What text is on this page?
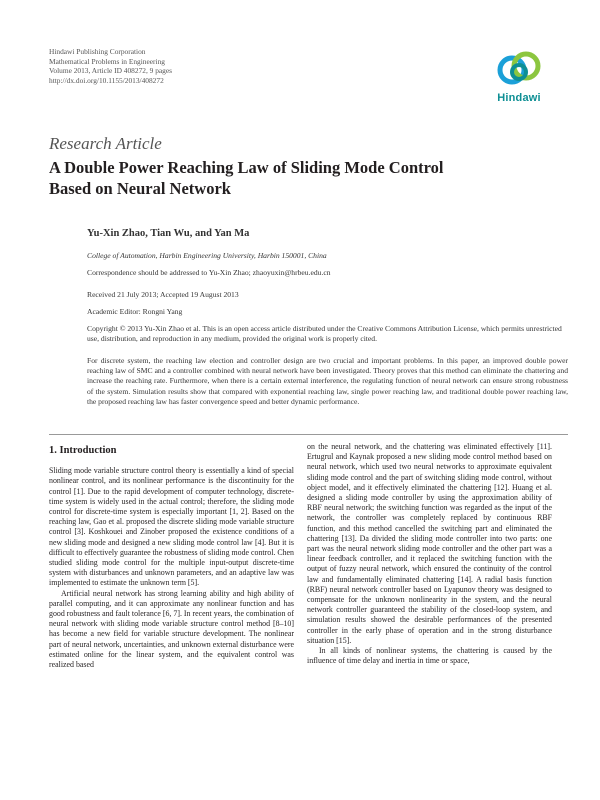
Hindawi Publishing Corporation
Mathematical Problems in Engineering
Volume 2013, Article ID 408272, 9 pages
http://dx.doi.org/10.1155/2013/408272
Hindawi
Research Article
A Double Power Reaching Law of Sliding Mode Control Based on Neural Network
Yu-Xin Zhao, Tian Wu, and Yan Ma
College of Automation, Harbin Engineering University, Harbin 150001, China
Correspondence should be addressed to Yu-Xin Zhao; zhaoyuxin@hrbeu.edu.cn
Received 21 July 2013; Accepted 19 August 2013
Academic Editor: Rongni Yang
Copyright © 2013 Yu-Xin Zhao et al. This is an open access article distributed under the Creative Commons Attribution License, which permits unrestricted use, distribution, and reproduction in any medium, provided the original work is properly cited.
For discrete system, the reaching law election and controller design are two crucial and important problems. In this paper, an improved double power reaching law of SMC and a controller combined with neural network have been investigated. Theory proves that this method can eliminate the chattering and increase the reaching rate. Furthermore, when there is a certain external interference, the regulating function of neural network can ensure strong robustness of the system. Simulation results show that compared with exponential reaching law, single power reaching law, and traditional double power reaching law, the proposed reaching law has faster convergence speed and better dynamic performance.
1. Introduction

Sliding mode variable structure control theory is essentially a kind of special nonlinear control, and its nonlinear performance is the discontinuity for the control [1]. Due to the rapid development of computer technology, discrete-time system is widely used in the actual control; therefore, the sliding mode control for discrete-time system is especially important [1, 2]. Based on the reaching law, Gao et al. proposed the discrete sliding mode variable structure control [3]. Koshkouei and Zinober proposed the existence conditions of a new sliding mode and designed a new sliding mode control law [4]. But it is difficult to effectively guarantee the robustness of sliding mode control. Chen studied sliding mode control for the multiple input-output discrete-time system with disturbances and unknown parameters, and an adaptive law was implemented to estimate the unknown term [5].

Artificial neural network has strong learning ability and high ability of parallel computing, and it can approximate any nonlinear function and has good robustness and fault tolerance [6, 7]. In recent years, the combination of neural network with sliding mode variable structure control method [8–10] has become a new field for variable structure development. The nonlinear part of neural network, uncertainties, and unknown external disturbance were estimated online for the linear system, and the equivalent control was realized based

on the neural network, and the chattering was eliminated effectively [11]. Ertugrul and Kaynak proposed a new sliding mode control method based on neural network, which used two neural networks to approximate equivalent sliding mode control and the part of switching sliding mode control, without object model, and it effectively eliminated the chattering [12]. Huang et al. designed a sliding mode controller by using the approximation ability of RBF neural network; the switching function was regarded as the input of the network, the controller was completely replaced by continuous RBF function, and this method cancelled the switching part and eliminated the chattering [13]. Da divided the sliding mode controller into two parts: one part was the neural network sliding mode controller and the other part was a linear feedback controller, and it replaced the switching function with the output of fuzzy neural network, which ensured the continuity of the control law and fundamentally eliminated chattering [14]. A radial basis function (RBF) neural network controller based on Lyapunov theory was designed to compensate for the unknown nonlinearity in the system, and the neural network controller guaranteed the stability of the closed-loop system, and simulation results showed the desirable performances of the presented controller in the early phase of operation and in the strong disturbance situation [15].

In all kinds of nonlinear systems, the chattering is caused by the influence of time delay and inertia in time or space,
